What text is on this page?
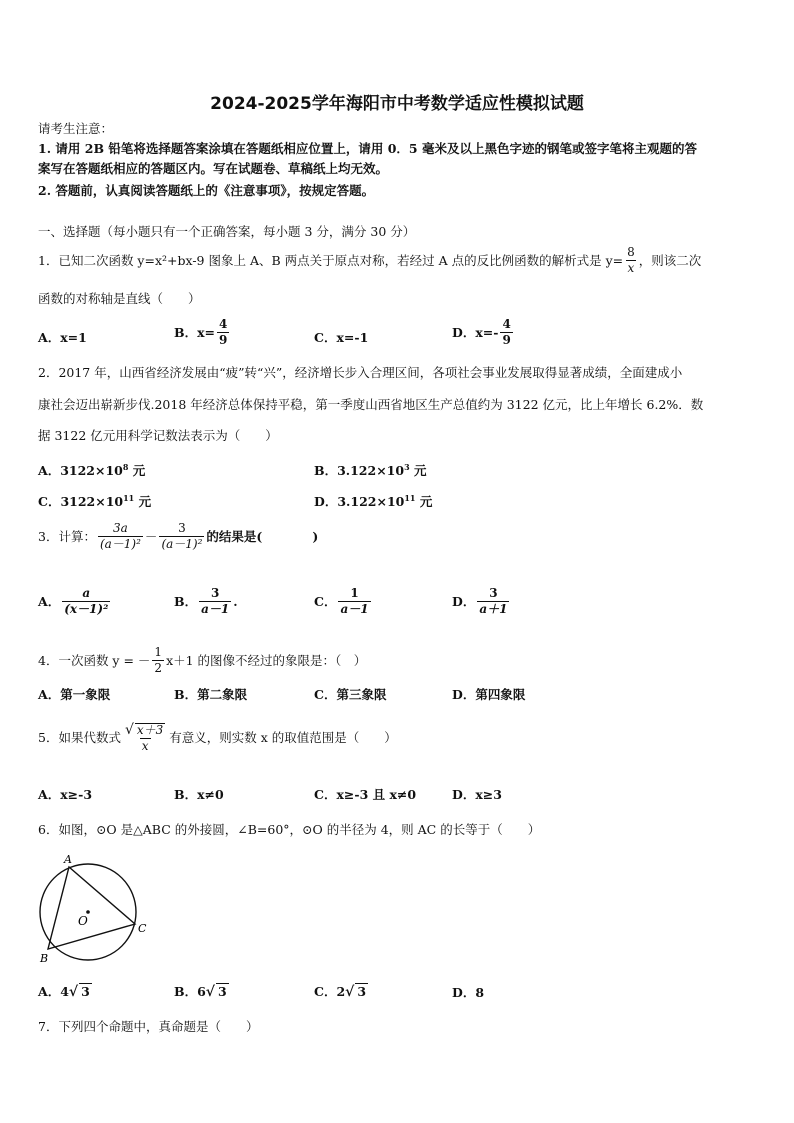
2024-2025学年海阳市中考数学适应性模拟试题
请考生注意：
1. 请用 2B 铅笔将选择题答案涂填在答题纸相应位置上，请用 0．5 毫米及以上黑色字迹的钢笔或签字笔将主观题的答
案写在答题纸相应的答题区内。写在试题卷、草稿纸上均无效。
2. 答题前，认真阅读答题纸上的《注意事项》，按规定答题。
一、选择题（每小题只有一个正确答案，每小题 3 分，满分 30 分）
1．已知二次函数 y=x²+bx-9 图象上 A、B 两点关于原点对称，若经过 A 点的反比例函数的解析式是 $y= \frac{8}{x}$ ，则该二次
函数的对称轴是直线（　　）
A．x=1	B．$x= \frac{4}{9}$	C．x=-1	D．$x=- \frac{4}{9}$
2．2017 年，山西省经济发展由“疲”转“兴”，经济增长步入合理区间，各项社会事业发展取得显著成绩，全面建成小
康社会迈出崭新步伐.2018 年经济总体保持平稳，第一季度山西省地区生产总值约为 3122 亿元，比上年增长 6.2%．数
据 3122 亿元用科学记数法表示为（　　）
A．$3122\times 10^8$ 元	B．$3.122\times 10^3$ 元
C．$3122\times 10^{11}$ 元	D．$3.122\times 10^{11}$ 元
3．计算： $\frac{3a}{\text{(a－1)²}} - \frac{3}{\text{(a－1)²}}$ 的结果是(　　　　)
A． $\frac{a}{\text{(x－1)²}}$	B． $\frac{3}{a-1}$ .	C． $\frac{1}{a-1}$	D． $\frac{3}{a+1}$
4．一次函数 y = － $\frac{1}{2} x+1$ 的图像不经过的象限是：（　）
A．第一象限	B．第二象限	C．第三象限	D．第四象限
5．如果代数式 $\frac{√ x+3}{x}$ 有意义，则实数 x 的取值范围是（　　）
A．x≥-3	B．x≠0	C．x≥-3 且 x≠0	D．x≥3
6．如图，⊙O 是△ABC 的外接圆，∠B=60°，⊙O 的半径为 4，则 AC 的长等于（　　）
A
B
C
O
A．4√ 3	B．6√ 3	C．2√ 3	D．8
7．下列四个命题中，真命题是（　　）
